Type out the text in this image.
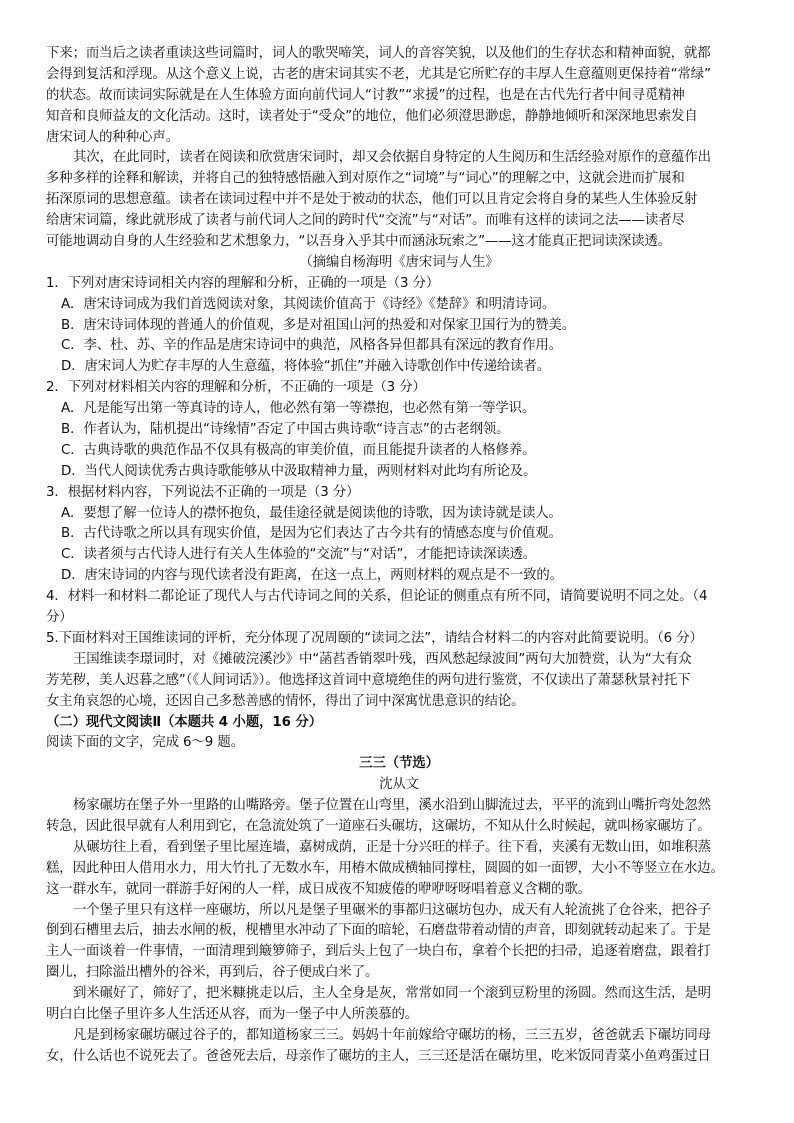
下来；而当后之读者重读这些词篇时，词人的歌哭啼笑，词人的音容笑貌，以及他们的生存状态和精神面貌，就都
会得到复活和浮现。从这个意义上说，古老的唐宋词其实不老，尤其是它所贮存的丰厚人生意蕴则更保持着“常绿”
的状态。故而读词实际就是在人生体验方面向前代词人“讨教”“求援”的过程，也是在古代先行者中间寻觅精神
知音和良师益友的文化活动。这时，读者处于“受众”的地位，他们必须澄思渺虑，静静地倾听和深深地思索发自
唐宋词人的种种心声。
其次，在此同时，读者在阅读和欣赏唐宋词时，却又会依据自身特定的人生阅历和生活经验对原作的意蕴作出
多种多样的诠释和解读，并将自己的独特感悟融入到对原作之“词境”与“词心”的理解之中，这就会进而扩展和
拓深原词的思想意蕴。读者在读词过程中并不是处于被动的状态，他们可以且肯定会将自身的某些人生体验反射
给唐宋词篇，缘此就形成了读者与前代词人之间的跨时代“交流”与“对话”。而唯有这样的读词之法——读者尽
可能地调动自身的人生经验和艺术想象力，“以吾身入乎其中而涵泳玩索之”——这才能真正把词读深读透。
（摘编自杨海明《唐宋词与人生》
1．下列对唐宋诗词相关内容的理解和分析，正确的一项是（3 分）
A．唐宋诗词成为我们首选阅读对象，其阅读价值高于《诗经》《楚辞》和明清诗词。
B．唐宋诗词体现的普通人的价值观，多是对祖国山河的热爱和对保家卫国行为的赞美。
C．李、杜、苏、辛的作品是唐宋诗词中的典范，风格各异但都具有深远的教育作用。
D．唐宋词人为贮存丰厚的人生意蕴，将体验“抓住”并融入诗歌创作中传递给读者。
2．下列对材料相关内容的理解和分析，不正确的一项是（3 分）
A．凡是能写出第一等真诗的诗人，他必然有第一等襟抱，也必然有第一等学识。
B．作者认为，陆机提出“诗缘情”否定了中国古典诗歌“诗言志”的古老纲领。
C．古典诗歌的典范作品不仅具有极高的审美价值，而且能提升读者的人格修养。
D．当代人阅读优秀古典诗歌能够从中汲取精神力量，两则材料对此均有所论及。
3．根据材料内容，下列说法不正确的一项是（3 分）
A．要想了解一位诗人的襟怀抱负，最佳途径就是阅读他的诗歌，因为读诗就是读人。
B．古代诗歌之所以具有现实价值，是因为它们表达了古今共有的情感态度与价值观。
C．读者须与古代诗人进行有关人生体验的“交流”与“对话”，才能把诗读深读透。
D．唐宋诗词的内容与现代读者没有距离，在这一点上，两则材料的观点是不一致的。
4．材料一和材料二都论证了现代人与古代诗词之间的关系，但论证的侧重点有所不同，请简要说明不同之处。（4
分）
5.下面材料对王国维读词的评析，充分体现了况周颐的“读词之法”，请结合材料二的内容对此简要说明。（6 分）
王国维读李璟词时，对《摊破浣溪沙》中“菡萏香销翠叶残，西风愁起绿波间”两句大加赞赏，认为“大有众
芳芜秽，美人迟暮之感”（《人间词话》）。他选择这首词中意境绝佳的两句进行鉴赏，不仅读出了萧瑟秋景衬托下
女主角哀怨的心境，还因自己多愁善感的情怀，得出了词中深寓忧患意识的结论。
（二）现代文阅读Ⅱ（本题共 4 小题，16 分）
阅读下面的文字，完成 6～9 题。
三三（节选）
沈从文
杨家碾坊在堡子外一里路的山嘴路旁。堡子位置在山弯里，溪水沿到山脚流过去，平平的流到山嘴折弯处忽然
转急，因此很早就有人利用到它，在急流处筑了一道座石头碾坊，这碾坊，不知从什么时候起，就叫杨家碾坊了。
从碾坊往上看，看到堡子里比屋连墙，嘉树成荫，正是十分兴旺的样子。往下看，夹溪有无数山田，如堆积蒸
糕，因此种田人借用水力，用大竹扎了无数水车，用椿木做成横轴同撑柱，圆圆的如一面锣，大小不等竖立在水边。
这一群水车，就同一群游手好闲的人一样，成日成夜不知疲倦的咿咿呀呀唱着意义含糊的歌。
一个堡子里只有这样一座碾坊，所以凡是堡子里碾米的事都归这碾坊包办，成天有人轮流挑了仓谷来，把谷子
倒到石槽里去后，抽去水闸的板，枧槽里水冲动了下面的暗轮，石磨盘带着动情的声音，即刻就转动起来了。于是
主人一面谈着一件事情，一面清理到簸箩筛子，到后头上包了一块白布，拿着个长把的扫帚，追逐着磨盘，跟着打
圈儿，扫除溢出槽外的谷米，再到后，谷子便成白米了。
到米碾好了，筛好了，把米糠挑走以后，主人全身是灰，常常如同一个滚到豆粉里的汤圆。然而这生活，是明
明白白比堡子里许多人生活还从容，而为一堡子中人所羡慕的。
凡是到杨家碾坊碾过谷子的，都知道杨家三三。妈妈十年前嫁给守碾坊的杨，三三五岁，爸爸就丢下碾坊同母
女，什么话也不说死去了。爸爸死去后，母亲作了碾坊的主人，三三还是活在碾坊里，吃米饭同青菜小鱼鸡蛋过日
